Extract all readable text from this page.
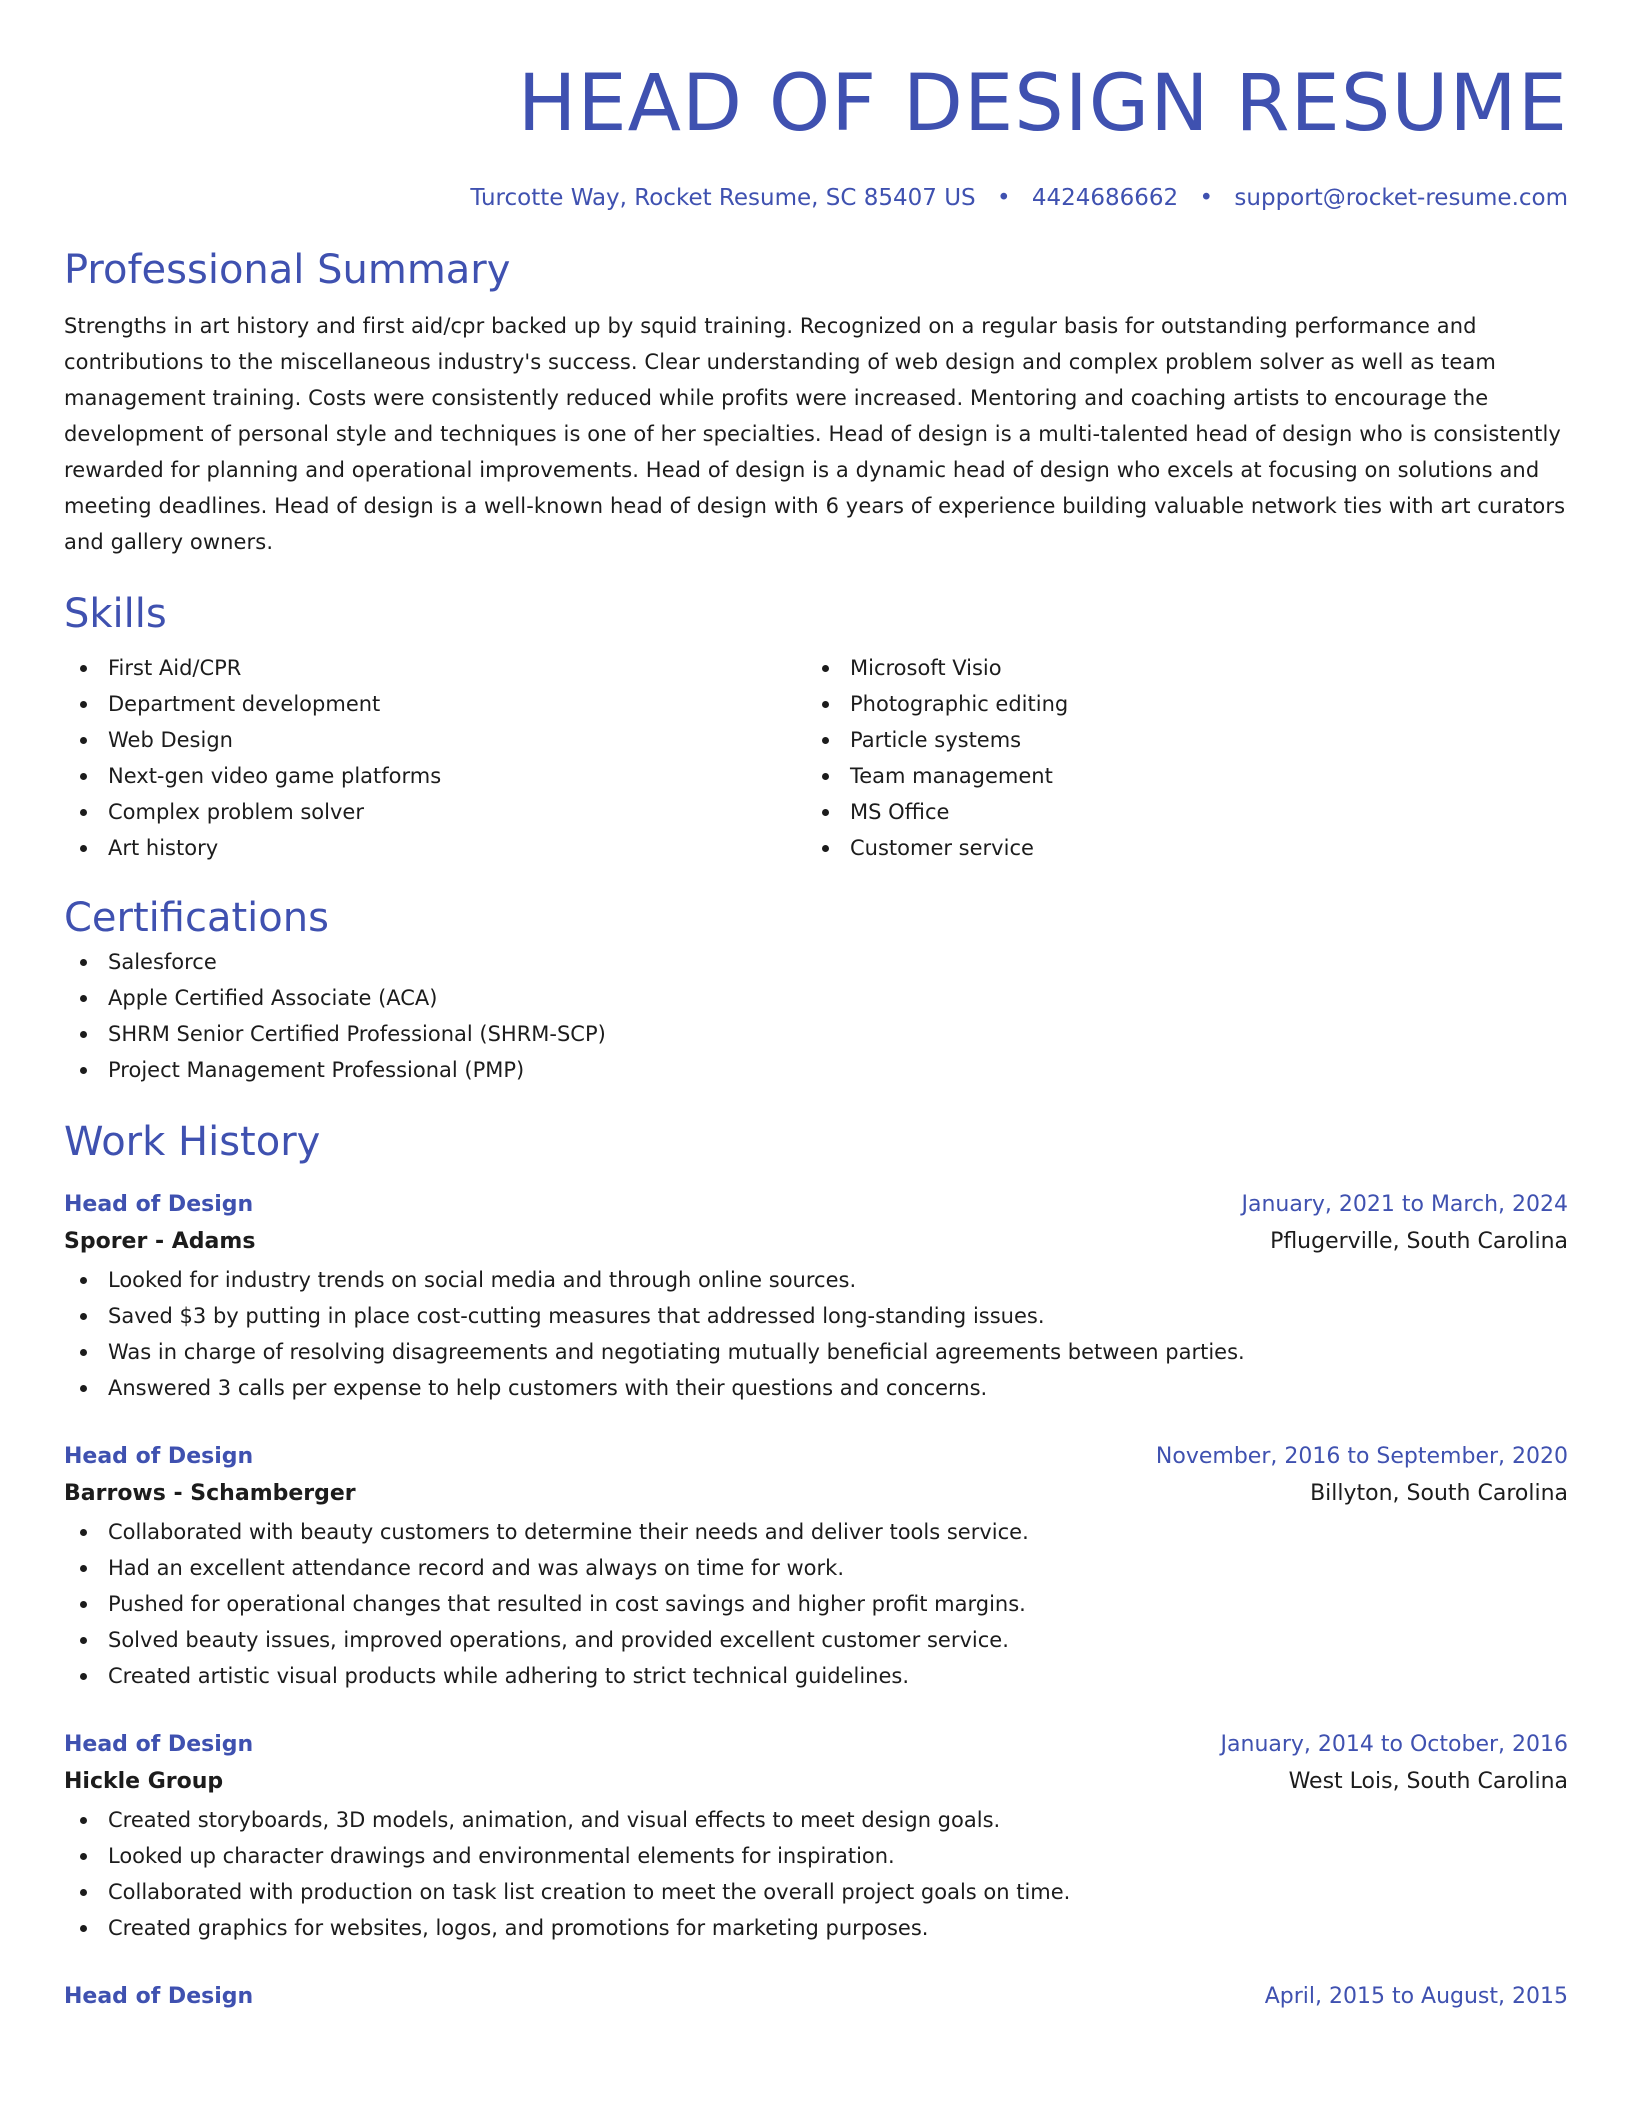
HEAD OF DESIGN RESUME
Turcotte Way, Rocket Resume, SC 85407 US • 4424686662 • support@rocket-resume.com
Professional Summary

Strengths in art history and first aid/cpr backed up by squid training. Recognized on a regular basis for outstanding performance and contributions to the miscellaneous industry's success. Clear understanding of web design and complex problem solver as well as team management training. Costs were consistently reduced while profits were increased. Mentoring and coaching artists to encourage the development of personal style and techniques is one of her specialties. Head of design is a multi-talented head of design who is consistently rewarded for planning and operational improvements. Head of design is a dynamic head of design who excels at focusing on solutions and meeting deadlines. Head of design is a well-known head of design with 6 years of experience building valuable network ties with art curators and gallery owners.

Skills
First Aid/CPR
Department development
Web Design
Next-gen video game platforms
Complex problem solver
Art history
Microsoft Visio
Photographic editing
Particle systems
Team management
MS Office
Customer service
Certifications
Salesforce
Apple Certified Associate (ACA)
SHRM Senior Certified Professional (SHRM-SCP)
Project Management Professional (PMP)
Work History
Head of Design	January, 2021 to March, 2024
Sporer - Adams	Pflugerville, South Carolina
Looked for industry trends on social media and through online sources.
Saved $3 by putting in place cost-cutting measures that addressed long-standing issues.
Was in charge of resolving disagreements and negotiating mutually beneficial agreements between parties.
Answered 3 calls per expense to help customers with their questions and concerns.
Head of Design	November, 2016 to September, 2020
Barrows - Schamberger	Billyton, South Carolina
Collaborated with beauty customers to determine their needs and deliver tools service.
Had an excellent attendance record and was always on time for work.
Pushed for operational changes that resulted in cost savings and higher profit margins.
Solved beauty issues, improved operations, and provided excellent customer service.
Created artistic visual products while adhering to strict technical guidelines.
Head of Design	January, 2014 to October, 2016
Hickle Group	West Lois, South Carolina
Created storyboards, 3D models, animation, and visual effects to meet design goals.
Looked up character drawings and environmental elements for inspiration.
Collaborated with production on task list creation to meet the overall project goals on time.
Created graphics for websites, logos, and promotions for marketing purposes.
Head of Design	April, 2015 to August, 2015
